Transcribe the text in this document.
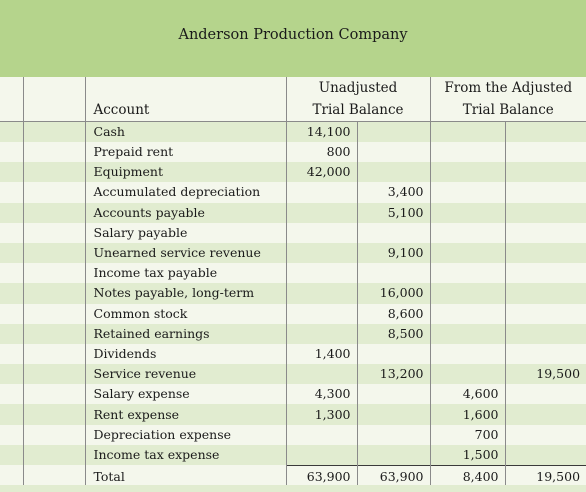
Anderson Production Company
			Unadjusted		From the Adjusted	
		Account	Trial Balance		Trial Balance	
		Cash	14,100			
		Prepaid rent	800			
		Equipment	42,000			
		Accumulated depreciation		3,400		
		Accounts payable		5,100		
		Salary payable				
		Unearned service revenue		9,100		
		Income tax payable				
		Notes payable, long-term		16,000		
		Common stock		8,600		
		Retained earnings		8,500		
		Dividends	1,400			
		Service revenue		13,200		19,500
		Salary expense	4,300		4,600	
		Rent expense	1,300		1,600	
		Depreciation expense			700	
		Income tax expense			1,500	
		Total	63,900	63,900	8,400	19,500
